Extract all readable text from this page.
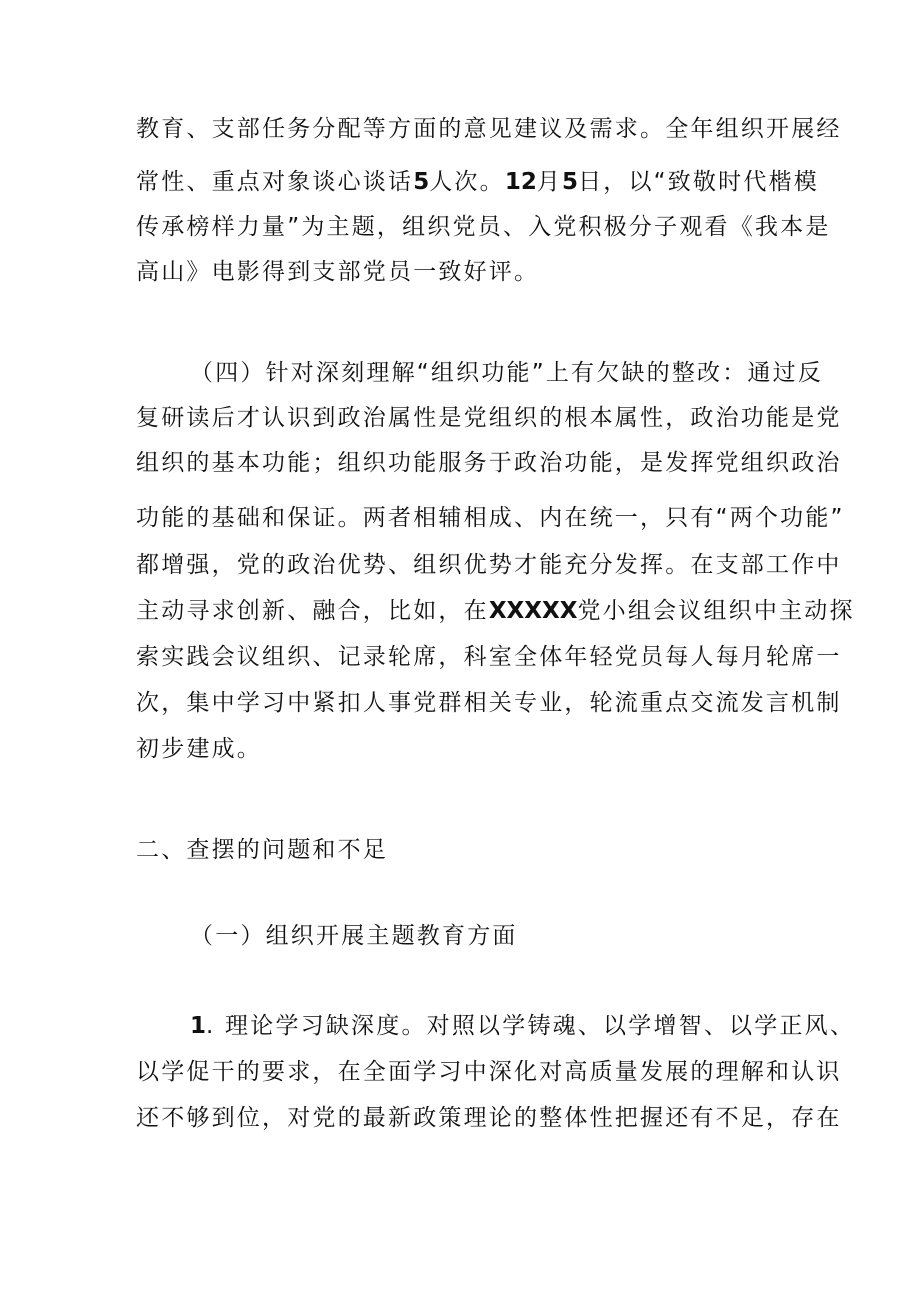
教育、支部任务分配等方面的意见建议及需求。全年组织开展经
常性、重点对象谈心谈话5人次。12月5日，以“致敬时代楷模
传承榜样力量”为主题，组织党员、入党积极分子观看《我本是
高山》电影得到支部党员一致好评。
（四）针对深刻理解“组织功能”上有欠缺的整改：通过反
复研读后才认识到政治属性是党组织的根本属性，政治功能是党
组织的基本功能；组织功能服务于政治功能，是发挥党组织政治
功能的基础和保证。两者相辅相成、内在统一，只有“两个功能”
都增强，党的政治优势、组织优势才能充分发挥。在支部工作中
主动寻求创新、融合，比如，在XXXXX党小组会议组织中主动探
索实践会议组织、记录轮席，科室全体年轻党员每人每月轮席一
次，集中学习中紧扣人事党群相关专业，轮流重点交流发言机制
初步建成。
二、查摆的问题和不足
（一）组织开展主题教育方面
1. 理论学习缺深度。对照以学铸魂、以学增智、以学正风、
以学促干的要求，在全面学习中深化对高质量发展的理解和认识
还不够到位，对党的最新政策理论的整体性把握还有不足，存在
